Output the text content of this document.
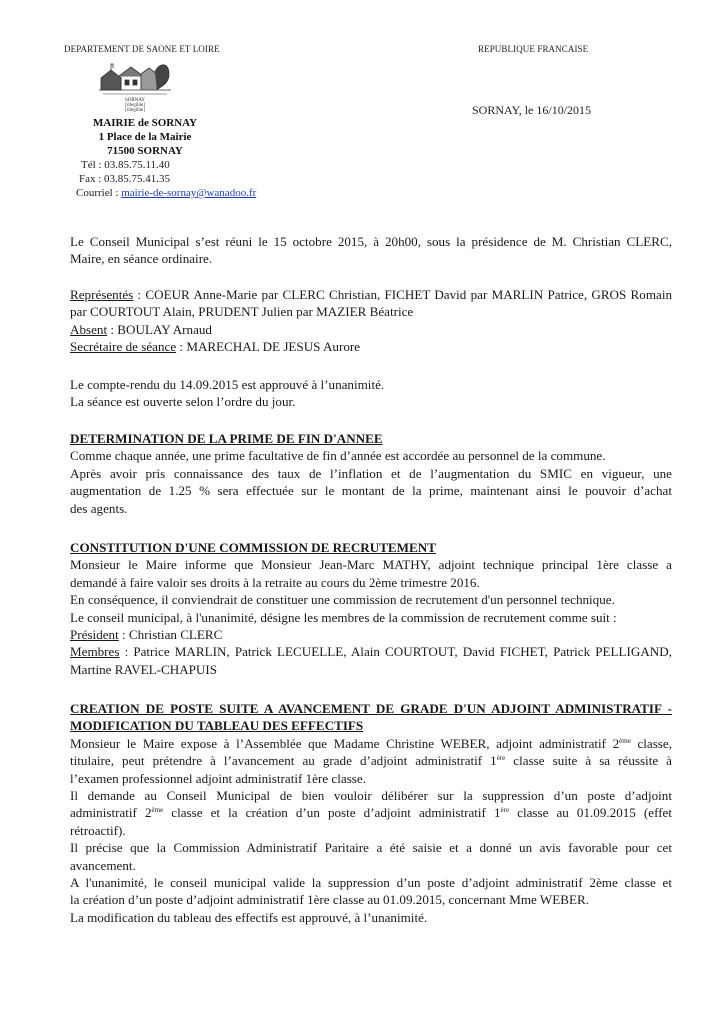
DEPARTEMENT DE SAONE ET LOIRE	REPUBLIQUE FRANCAISE
SORNAY
[illegible]
[illegible]
MAIRIE de SORNAY
1 Place de la Mairie
71500 SORNAY
Tél : 03.85.75.11.40
Fax : 03.85.75.41.35
Courriel : mairie-de-sornay@wanadoo.fr
SORNAY, le 16/10/2015
Le Conseil Municipal s’est réuni le 15 octobre 2015, à 20h00, sous la présidence de M. Christian CLERC,
Maire, en séance ordinaire.
Représentés : COEUR Anne-Marie par CLERC Christian, FICHET David par MARLIN Patrice, GROS Romain
par COURTOUT Alain, PRUDENT Julien par MAZIER Béatrice
Absent : BOULAY Arnaud
Secrétaire de séance : MARECHAL DE JESUS Aurore
Le compte-rendu du 14.09.2015 est approuvé à l’unanimité.
La séance est ouverte selon l’ordre du jour.
DETERMINATION DE LA PRIME DE FIN D'ANNEE
Comme chaque année, une prime facultative de fin d’année est accordée au personnel de la commune.
Après avoir pris connaissance des taux de l’inflation et de l’augmentation du SMIC en vigueur, une
augmentation de 1.25 % sera effectuée sur le montant de la prime, maintenant ainsi le pouvoir d’achat
des agents.
CONSTITUTION D'UNE COMMISSION DE RECRUTEMENT
Monsieur le Maire informe que Monsieur Jean-Marc MATHY, adjoint technique principal 1ère classe a
demandé à faire valoir ses droits à la retraite au cours du 2ème trimestre 2016.
En conséquence, il conviendrait de constituer une commission de recrutement d'un personnel technique.
Le conseil municipal, à l'unanimité, désigne les membres de la commission de recrutement comme suit :
Président : Christian CLERC
Membres : Patrice MARLIN, Patrick LECUELLE, Alain COURTOUT, David FICHET, Patrick PELLIGAND,
Martine RAVEL-CHAPUIS
CREATION DE POSTE SUITE A AVANCEMENT DE GRADE D'UN ADJOINT ADMINISTRATIF -
MODIFICATION DU TABLEAU DES EFFECTIFS
Monsieur le Maire expose à l’Assemblée que Madame Christine WEBER, adjoint administratif 2ème classe,
titulaire, peut prétendre à l’avancement au grade d’adjoint administratif 1ère classe suite à sa réussite à
l’examen professionnel adjoint administratif 1ère classe.
Il demande au Conseil Municipal de bien vouloir délibérer sur la suppression d’un poste d’adjoint
administratif 2ème classe et la création d’un poste d’adjoint administratif 1ère classe au 01.09.2015 (effet
rétroactif).
Il précise que la Commission Administratif Paritaire a été saisie et a donné un avis favorable pour cet
avancement.
A l'unanimité, le conseil municipal valide la suppression d’un poste d’adjoint administratif 2ème classe et
la création d’un poste d’adjoint administratif 1ère classe au 01.09.2015, concernant Mme WEBER.
La modification du tableau des effectifs est approuvé, à l’unanimité.
